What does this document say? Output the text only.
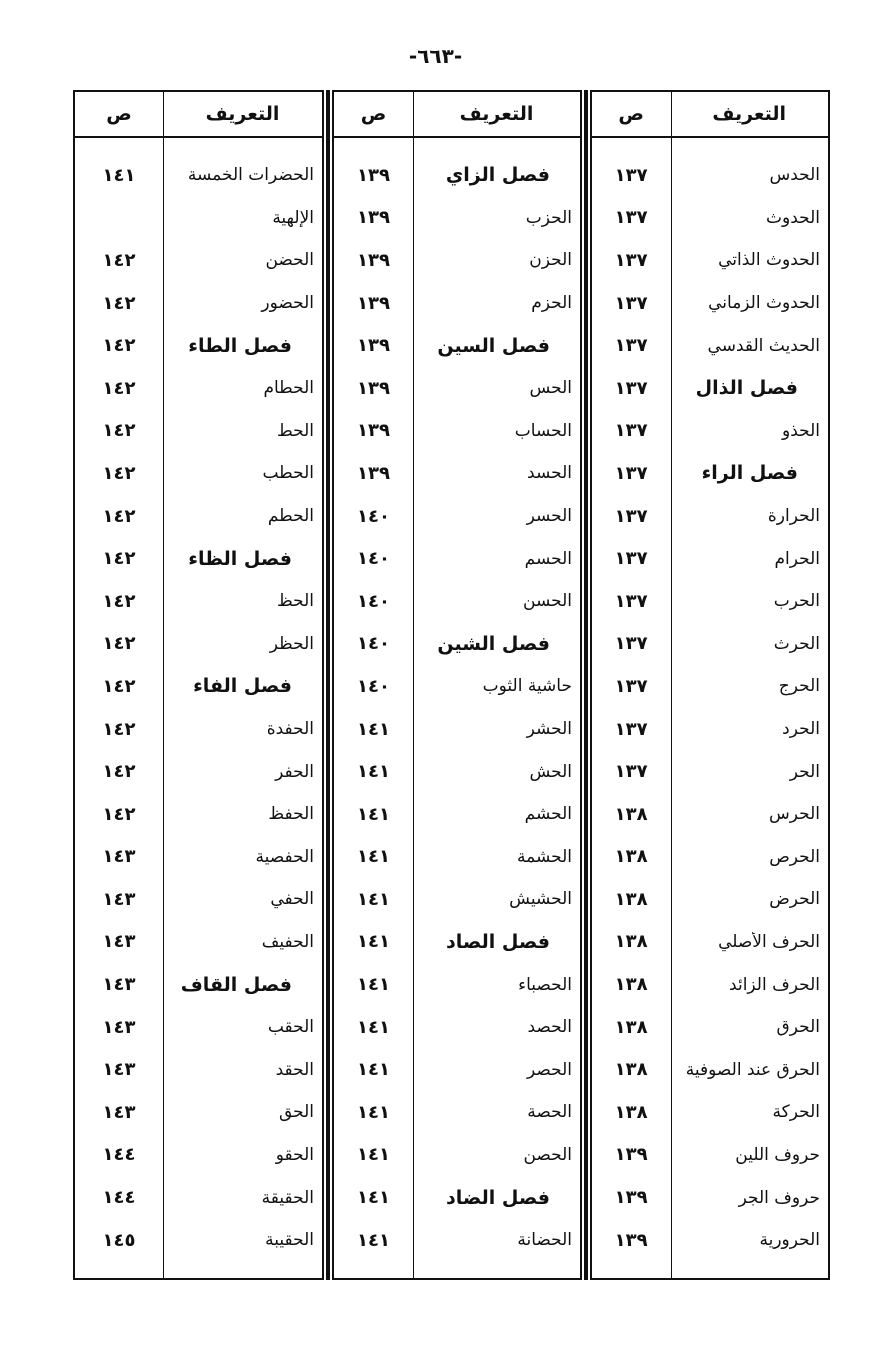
-٦٦٣-
التعريف
ص
الحدس
١٣٧
الحدوث
١٣٧
الحدوث الذاتي
١٣٧
الحدوث الزماني
١٣٧
الحديث القدسي
١٣٧
فصل الذال
١٣٧
الحذو
١٣٧
فصل الراء
١٣٧
الحرارة
١٣٧
الحرام
١٣٧
الحرب
١٣٧
الحرث
١٣٧
الحرج
١٣٧
الحرد
١٣٧
الحر
١٣٧
الحرس
١٣٨
الحرص
١٣٨
الحرض
١٣٨
الحرف الأصلي
١٣٨
الحرف الزائد
١٣٨
الحرق
١٣٨
الحرق عند الصوفية
١٣٨
الحركة
١٣٨
حروف اللين
١٣٩
حروف الجر
١٣٩
الحرورية
١٣٩
التعريف
ص
فصل الزاي
١٣٩
الحزب
١٣٩
الحزن
١٣٩
الحزم
١٣٩
فصل السين
١٣٩
الحس
١٣٩
الحساب
١٣٩
الحسد
١٣٩
الحسر
١٤٠
الحسم
١٤٠
الحسن
١٤٠
فصل الشين
١٤٠
حاشية الثوب
١٤٠
الحشر
١٤١
الحش
١٤١
الحشم
١٤١
الحشمة
١٤١
الحشيش
١٤١
فصل الصاد
١٤١
الحصباء
١٤١
الحصد
١٤١
الحصر
١٤١
الحصة
١٤١
الحصن
١٤١
فصل الضاد
١٤١
الحضانة
١٤١
التعريف
ص
الحضرات الخمسة
١٤١
الإلهية
الحضن
١٤٢
الحضور
١٤٢
فصل الطاء
١٤٢
الحطام
١٤٢
الحط
١٤٢
الحطب
١٤٢
الحطم
١٤٢
فصل الظاء
١٤٢
الحظ
١٤٢
الحظر
١٤٢
فصل الفاء
١٤٢
الحفدة
١٤٢
الحفر
١٤٢
الحفظ
١٤٢
الحفصية
١٤٣
الحفي
١٤٣
الحفيف
١٤٣
فصل القاف
١٤٣
الحقب
١٤٣
الحقد
١٤٣
الحق
١٤٣
الحقو
١٤٤
الحقيقة
١٤٤
الحقيبة
١٤٥
